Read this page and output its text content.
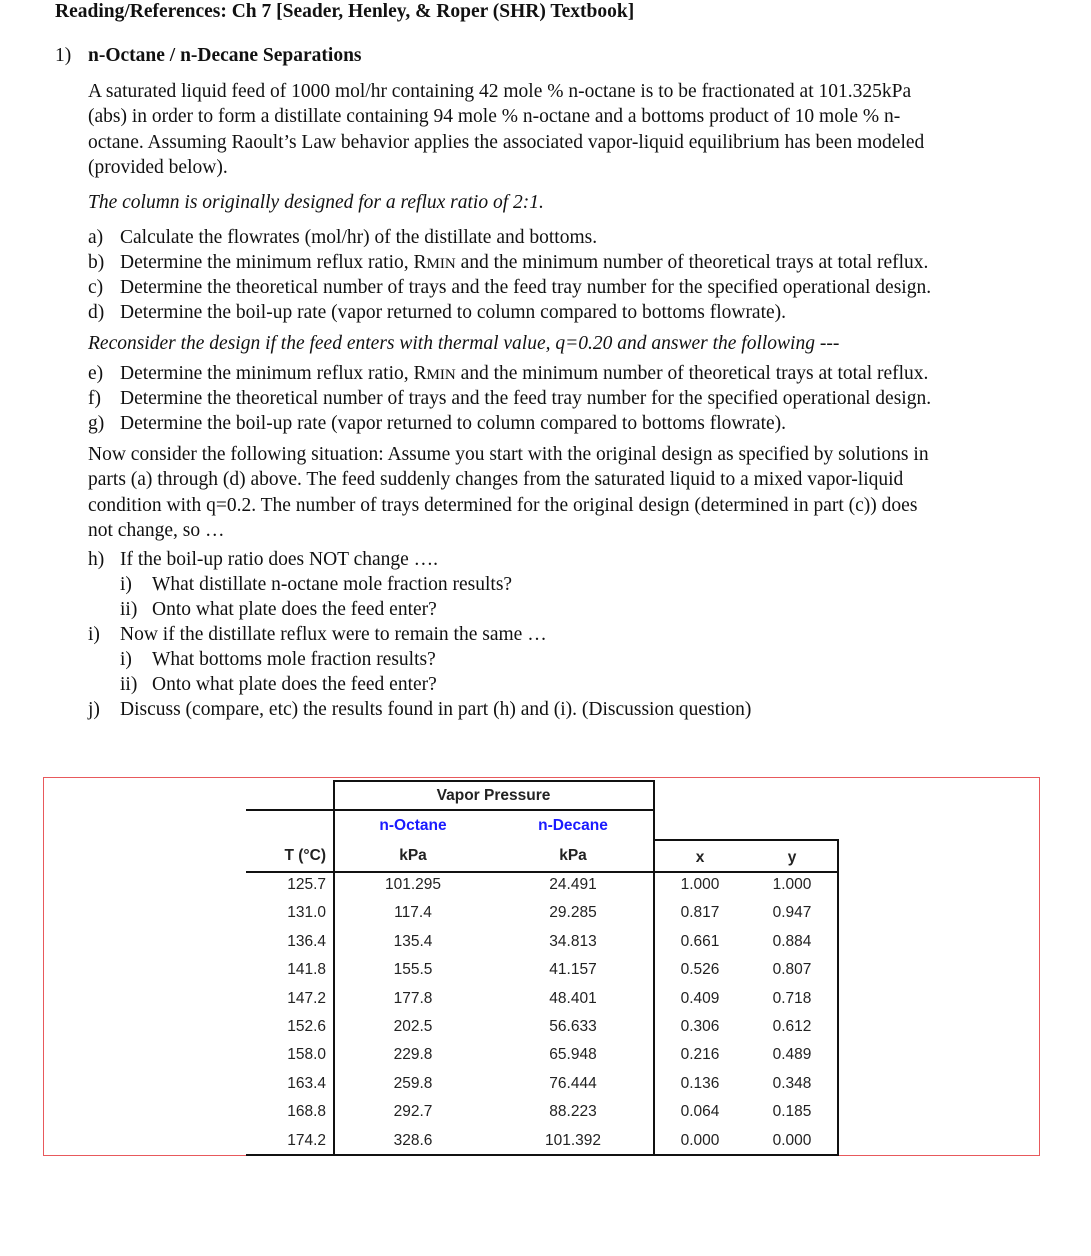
Reading/References: Ch 7 [Seader, Henley, & Roper (SHR) Textbook]
1) n-Octane / n-Decane Separations
A saturated liquid feed of 1000 mol/hr containing 42 mole % n-octane is to be fractionated at 101.325kPa
(abs) in order to form a distillate containing 94 mole % n-octane and a bottoms product of 10 mole % n-
octane. Assuming Raoult’s Law behavior applies the associated vapor-liquid equilibrium has been modeled
(provided below).
The column is originally designed for a reflux ratio of 2:1.
a) Calculate the flowrates (mol/hr) of the distillate and bottoms.
b) Determine the minimum reflux ratio, RMIN and the minimum number of theoretical trays at total reflux.
c) Determine the theoretical number of trays and the feed tray number for the specified operational design.
d) Determine the boil-up rate (vapor returned to column compared to bottoms flowrate).
Reconsider the design if the feed enters with thermal value, q=0.20 and answer the following ---
e) Determine the minimum reflux ratio, RMIN and the minimum number of theoretical trays at total reflux.
f) Determine the theoretical number of trays and the feed tray number for the specified operational design.
g) Determine the boil-up rate (vapor returned to column compared to bottoms flowrate).
Now consider the following situation: Assume you start with the original design as specified by solutions in
parts (a) through (d) above. The feed suddenly changes from the saturated liquid to a mixed vapor-liquid
condition with q=0.2. The number of trays determined for the original design (determined in part (c)) does
not change, so …
h) If the boil-up ratio does NOT change ….
i) What distillate n-octane mole fraction results?
ii) Onto what plate does the feed enter?
i) Now if the distillate reflux were to remain the same …
i) What bottoms mole fraction results?
ii) Onto what plate does the feed enter?
j) Discuss (compare, etc) the results found in part (h) and (i). (Discussion question)
Vapor Pressure
n-Octane	n-Decane
T (°C)	kPa	kPa	x	y
125.7	101.295	24.491	1.000	1.000
131.0	117.4	29.285	0.817	0.947
136.4	135.4	34.813	0.661	0.884
141.8	155.5	41.157	0.526	0.807
147.2	177.8	48.401	0.409	0.718
152.6	202.5	56.633	0.306	0.612
158.0	229.8	65.948	0.216	0.489
163.4	259.8	76.444	0.136	0.348
168.8	292.7	88.223	0.064	0.185
174.2	328.6	101.392	0.000	0.000
